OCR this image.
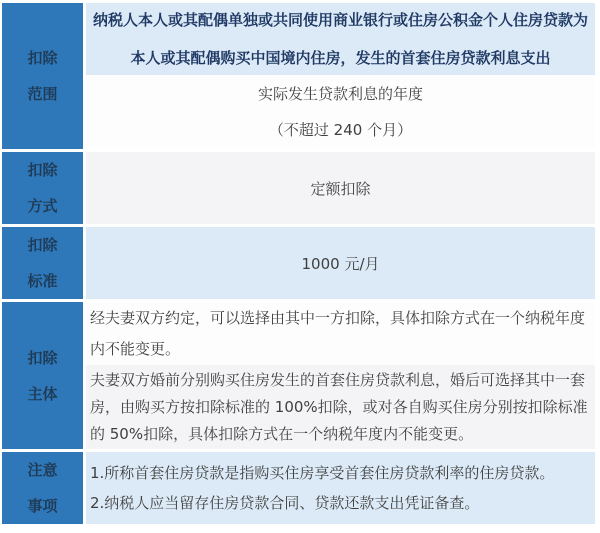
扣除
范围
纳税人本人或其配偶单独或共同使用商业银行或住房公积金个人住房贷款为
本人或其配偶购买中国境内住房，发生的首套住房贷款利息支出
实际发生贷款利息的年度
（不超过 240 个月）
扣除
方式
定额扣除
扣除
标准
1000 元/月
扣除
主体
经夫妻双方约定，可以选择由其中一方扣除，具体扣除方式在一个纳税年度内不能变更。
夫妻双方婚前分别购买住房发生的首套住房贷款利息，婚后可选择其中一套房，由购买方按扣除标准的 100%扣除，或对各自购买住房分别按扣除标准的 50%扣除，具体扣除方式在一个纳税年度内不能变更。
注意
事项
1.所称首套住房贷款是指购买住房享受首套住房贷款利率的住房贷款。
2.纳税人应当留存住房贷款合同、贷款还款支出凭证备查。
